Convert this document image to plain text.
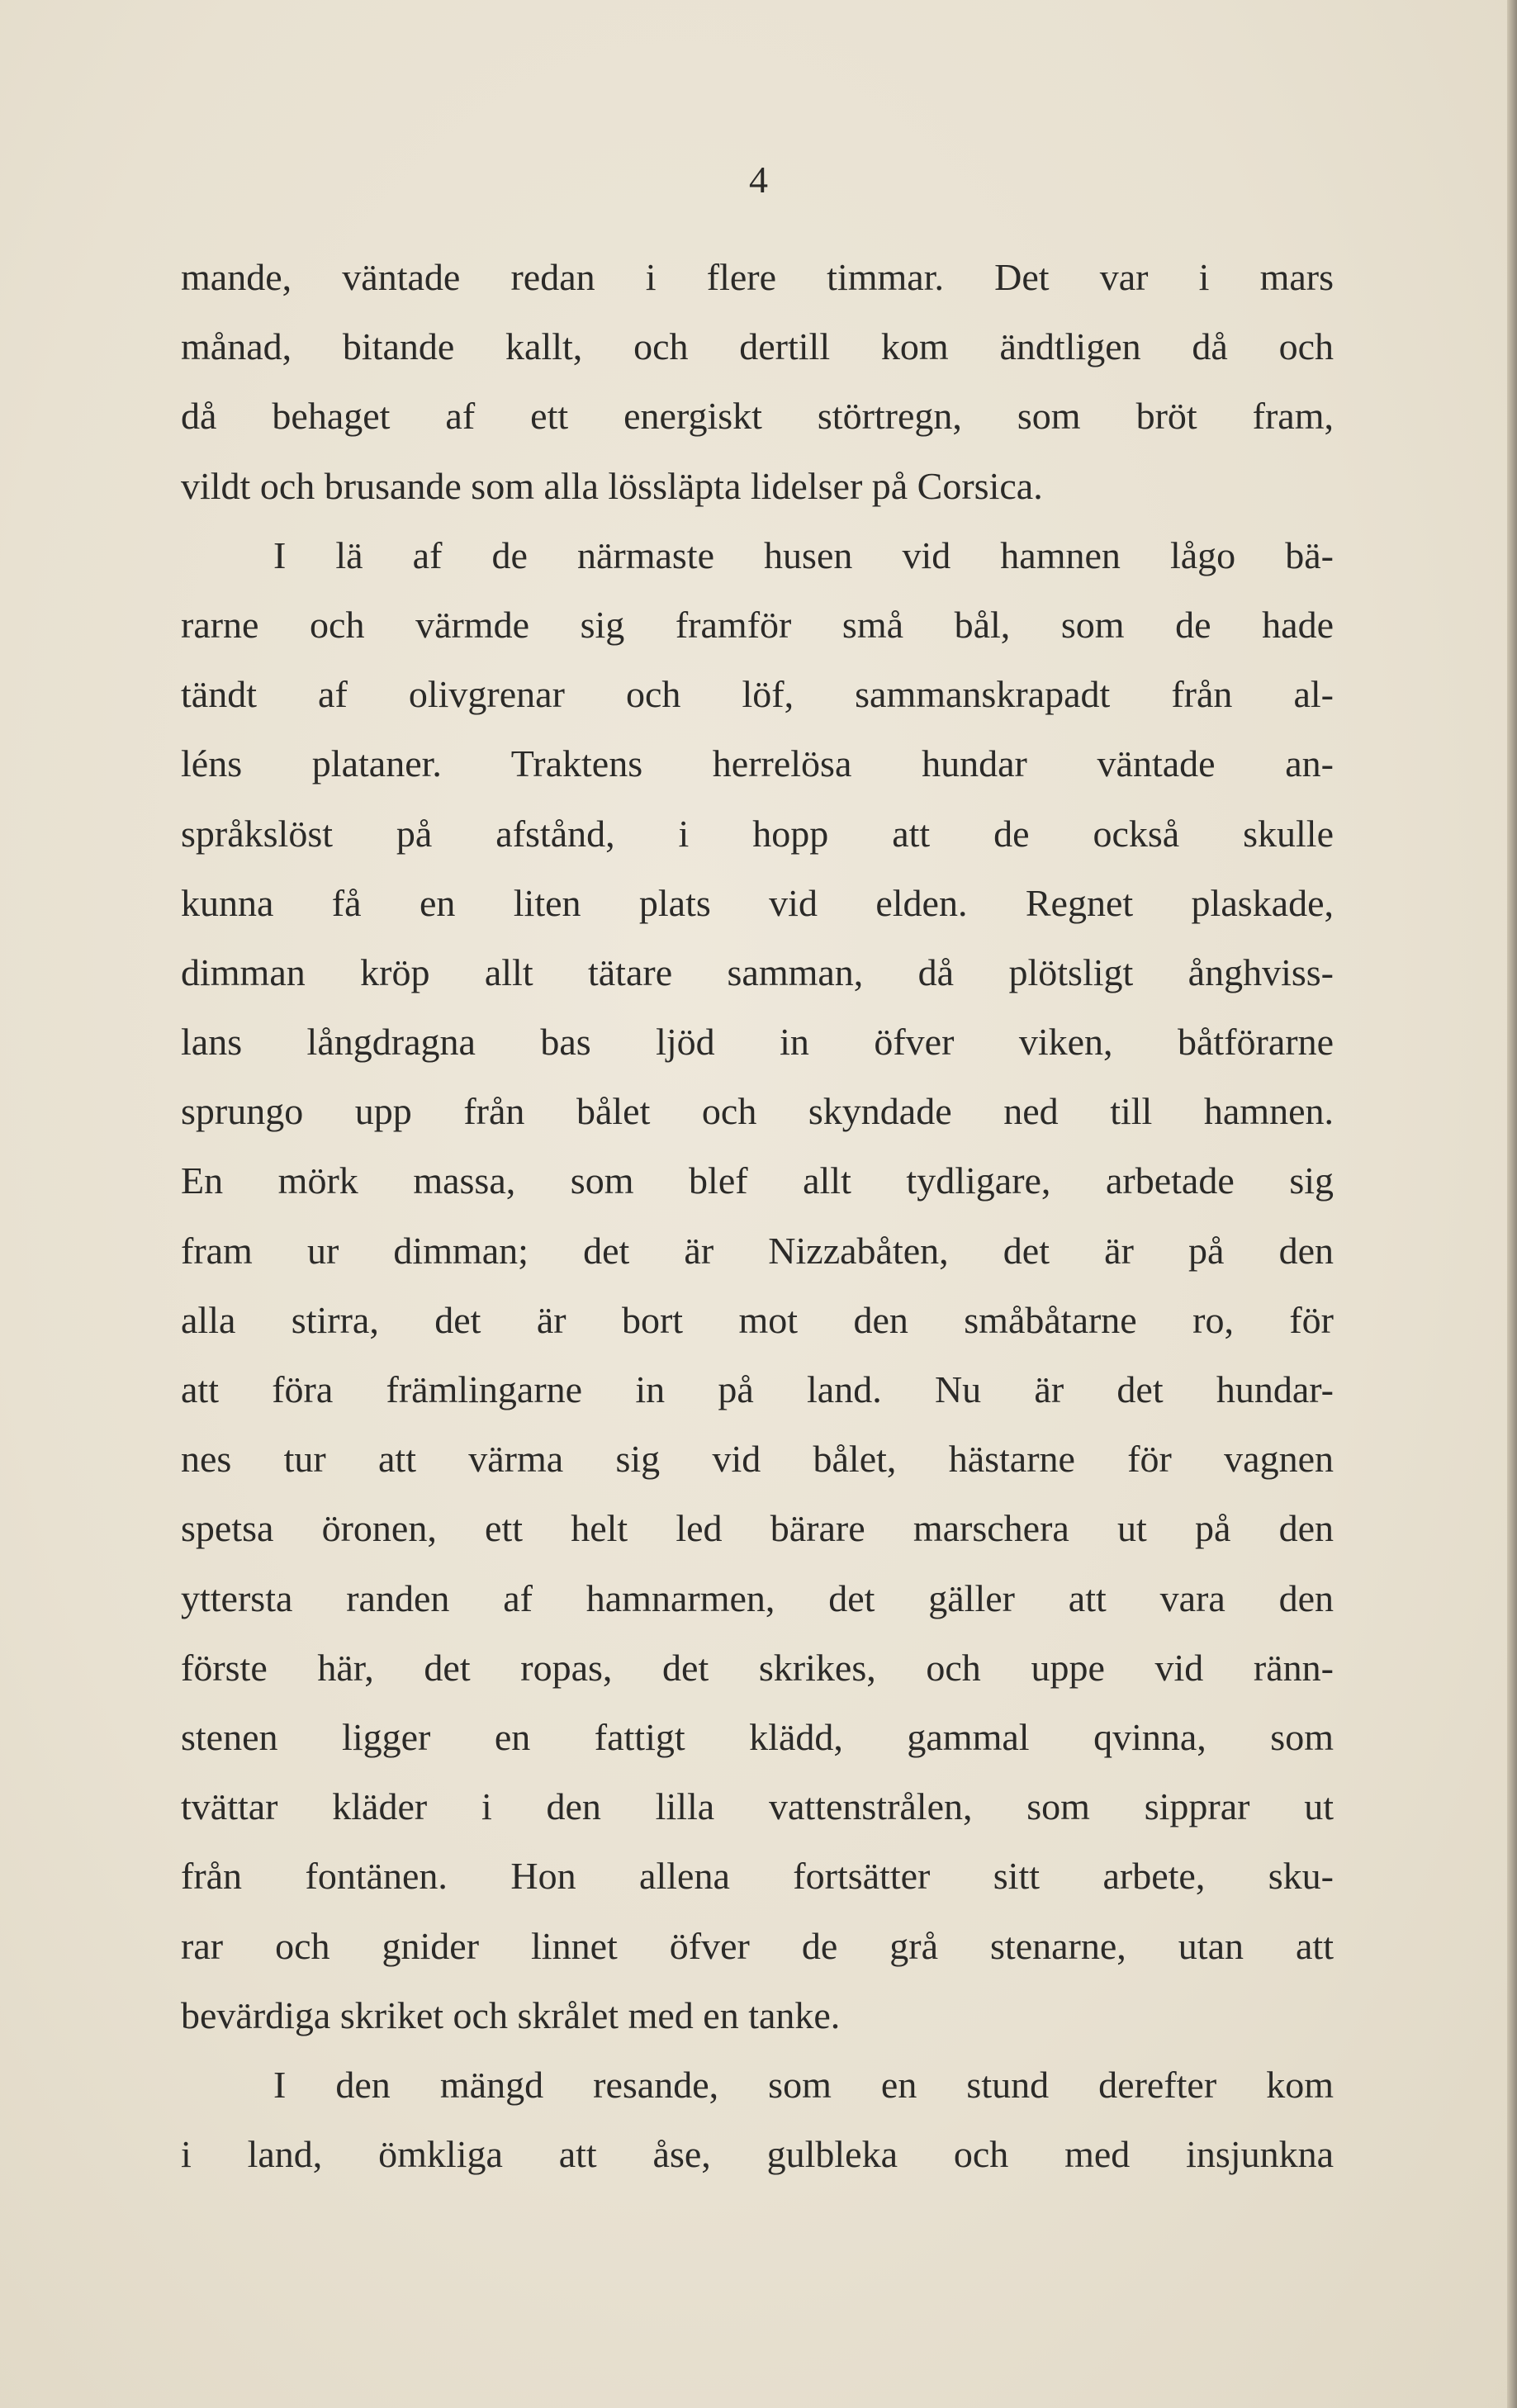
4
mande, väntade redan i flere timmar. Det var i mars
månad, bitande kallt, och dertill kom ändtligen då och
då behaget af ett energiskt störtregn, som bröt fram,
vildt och brusande som alla lössläpta lidelser på Corsica.
I lä af de närmaste husen vid hamnen lågo bä-
rarne och värmde sig framför små bål, som de hade
tändt af olivgrenar och löf, sammanskrapadt från al-
léns plataner. Traktens herrelösa hundar väntade an-
språkslöst på afstånd, i hopp att de också skulle
kunna få en liten plats vid elden. Regnet plaskade,
dimman kröp allt tätare samman, då plötsligt ånghviss-
lans långdragna bas ljöd in öfver viken, båtförarne
sprungo upp från bålet och skyndade ned till hamnen.
En mörk massa, som blef allt tydligare, arbetade sig
fram ur dimman; det är Nizzabåten, det är på den
alla stirra, det är bort mot den småbåtarne ro, för
att föra främlingarne in på land. Nu är det hundar-
nes tur att värma sig vid bålet, hästarne för vagnen
spetsa öronen, ett helt led bärare marschera ut på den
yttersta randen af hamnarmen, det gäller att vara den
förste här, det ropas, det skrikes, och uppe vid ränn-
stenen ligger en fattigt klädd, gammal qvinna, som
tvättar kläder i den lilla vattenstrålen, som sipprar ut
från fontänen. Hon allena fortsätter sitt arbete, sku-
rar och gnider linnet öfver de grå stenarne, utan att
bevärdiga skriket och skrålet med en tanke.
I den mängd resande, som en stund derefter kom
i land, ömkliga att åse, gulbleka och med insjunkna
